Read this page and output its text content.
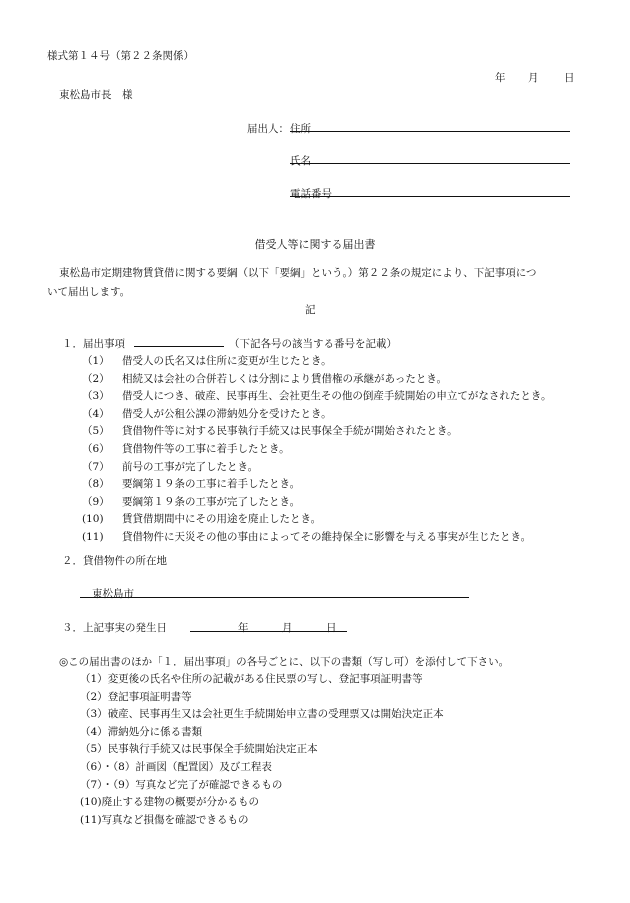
様式第１４号（第２２条関係）
年 月 日
東松島市長　様
届出人： 住所
氏名
電話番号
借受人等に関する届出書
東松島市定期建物賃貸借に関する要綱（以下「要綱」という。）第２２条の規定により、下記事項につ
いて届出します。
記
１．届出事項	（下記各号の該当する番号を記載）
（1） 借受人の氏名又は住所に変更が生じたとき。
（2） 相続又は会社の合併若しくは分割により賃借権の承継があったとき。
（3） 借受人につき、破産、民事再生、会社更生その他の倒産手続開始の申立てがなされたとき。
（4） 借受人が公租公課の滞納処分を受けたとき。
（5） 貸借物件等に対する民事執行手続又は民事保全手続が開始されたとき。
（6） 貸借物件等の工事に着手したとき。
（7） 前号の工事が完了したとき。
（8） 要綱第１９条の工事に着手したとき。
（9） 要綱第１９条の工事が完了したとき。
(10) 賃貸借期間中にその用途を廃止したとき。
(11) 貸借物件に天災その他の事由によってその維持保全に影響を与える事実が生じたとき。
２．貸借物件の所在地
東松島市
３．上記事実の発生日	年	月	日
◎この届出書のほか「１．届出事項」の各号ごとに、以下の書類（写し可）を添付して下さい。
（1）変更後の氏名や住所の記載がある住民票の写し、登記事項証明書等
（2）登記事項証明書等
（3）破産、民事再生又は会社更生手続開始申立書の受理票又は開始決定正本
（4）滞納処分に係る書類
（5）民事執行手続又は民事保全手続開始決定正本
（6）・（8）計画図（配置図）及び工程表
（7）・（9）写真など完了が確認できるもの
(10)廃止する建物の概要が分かるもの
(11)写真など損傷を確認できるもの
